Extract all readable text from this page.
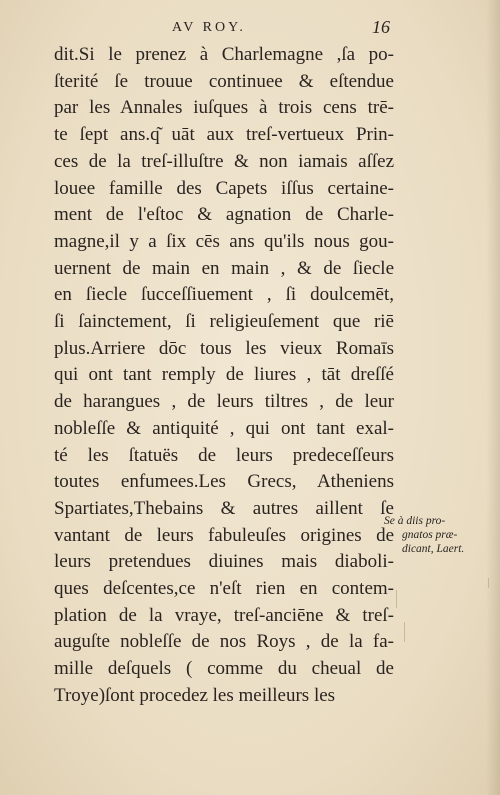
AV ROY.	16
dit.Si le prenez à Charlemagne ,ſa po-
ſterité ſe trouue continuee & eſtendue
par les Annales iuſques à trois cens trē-
te ſept ans.q͂ uāt aux treſ-vertueux Prin-
ces de la treſ-illuſtre & non iamais aſſez
louee famille des Capets iſſus certaine-
ment de l'eſtoc & agnation de Charle-
magne,il y a ſix cēs ans qu'ils nous gou-
uernent de main en main , & de ſiecle
en ſiecle ſucceſſiuement , ſi doulcemēt,
ſi ſainctement, ſi religieuſement que riē
plus.Arriere dōc tous les vieux Romaīs
qui ont tant remply de liures , tāt dreſſé
de harangues , de leurs tiltres , de leur
nobleſſe & antiquité , qui ont tant exal-
té les ſtatuës de leurs predeceſſeurs
toutes enfumees.Les Grecs, Atheniens
Spartiates,Thebains & autres aillent ſe
vantant de leurs fabuleuſes origines de
leurs pretendues diuines mais diaboli-
ques deſcentes,ce n'eſt rien en contem-
plation de la vraye, treſ-anciēne & treſ-
auguſte nobleſſe de nos Roys , de la fa-
mille deſquels ( comme du cheual de
Troye)ſont procedez les meilleurs les
Se à diis pro-
gnatos præ-
dicant, Laert.
